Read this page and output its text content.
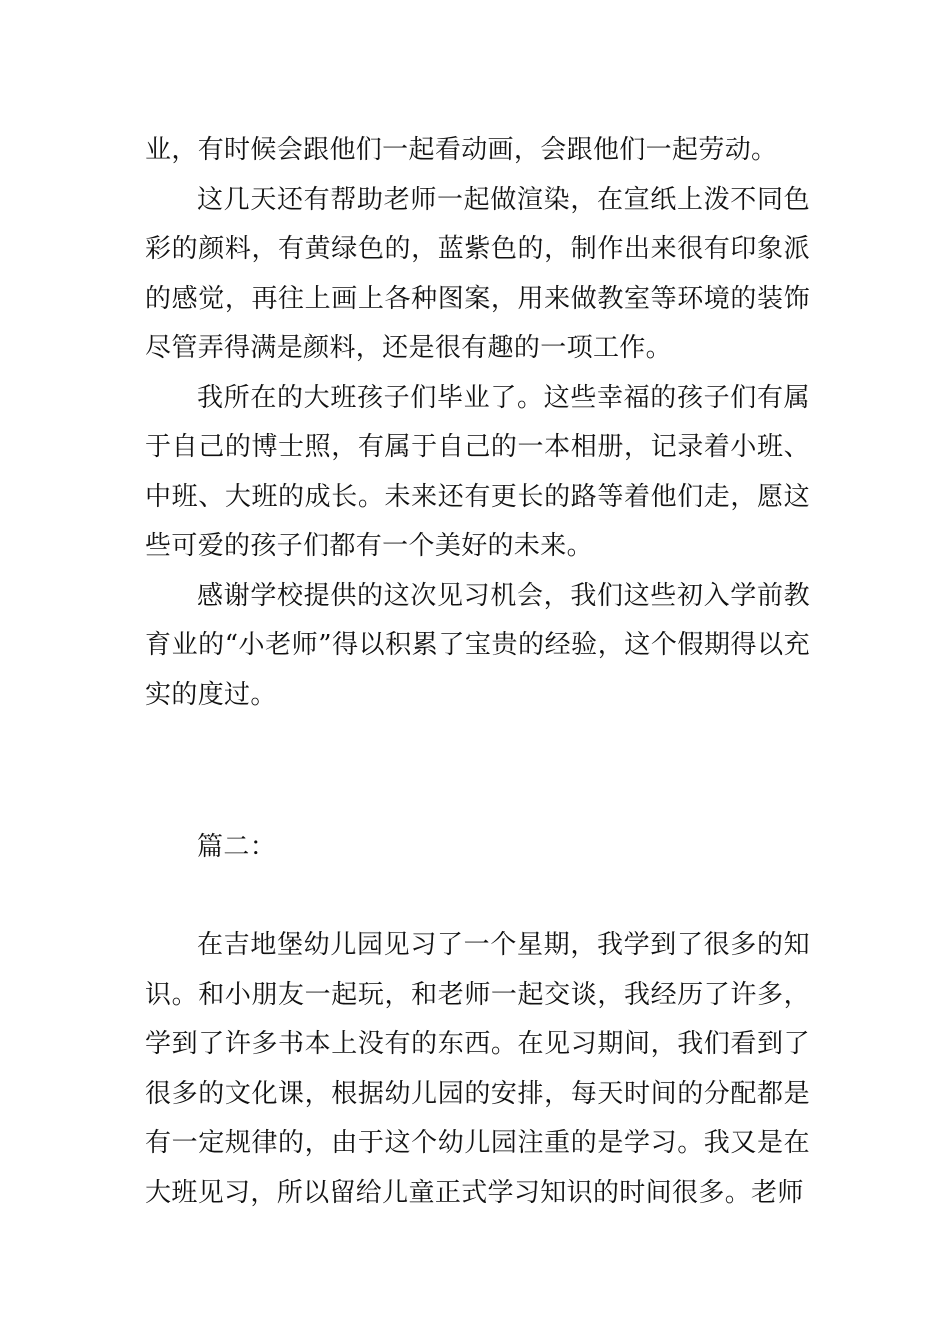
业，有时候会跟他们一起看动画，会跟他们一起劳动。

这几天还有帮助老师一起做渲染，在宣纸上泼不同色彩的颜料，有黄绿色的，蓝紫色的，制作出来很有印象派的感觉，再往上画上各种图案，用来做教室等环境的装饰尽管弄得满是颜料，还是很有趣的一项工作。

我所在的大班孩子们毕业了。这些幸福的孩子们有属于自己的博士照，有属于自己的一本相册，记录着小班、中班、大班的成长。未来还有更长的路等着他们走，愿这些可爱的孩子们都有一个美好的未来。

感谢学校提供的这次见习机会，我们这些初入学前教育业的“小老师”得以积累了宝贵的经验，这个假期得以充实的度过。

篇二：

在吉地堡幼儿园见习了一个星期，我学到了很多的知识。和小朋友一起玩，和老师一起交谈，我经历了许多，学到了许多书本上没有的东西。在见习期间，我们看到了很多的文化课，根据幼儿园的安排，每天时间的分配都是有一定规律的，由于这个幼儿园注重的是学习。我又是在大班见习，所以留给儿童正式学习知识的时间很多。老师
